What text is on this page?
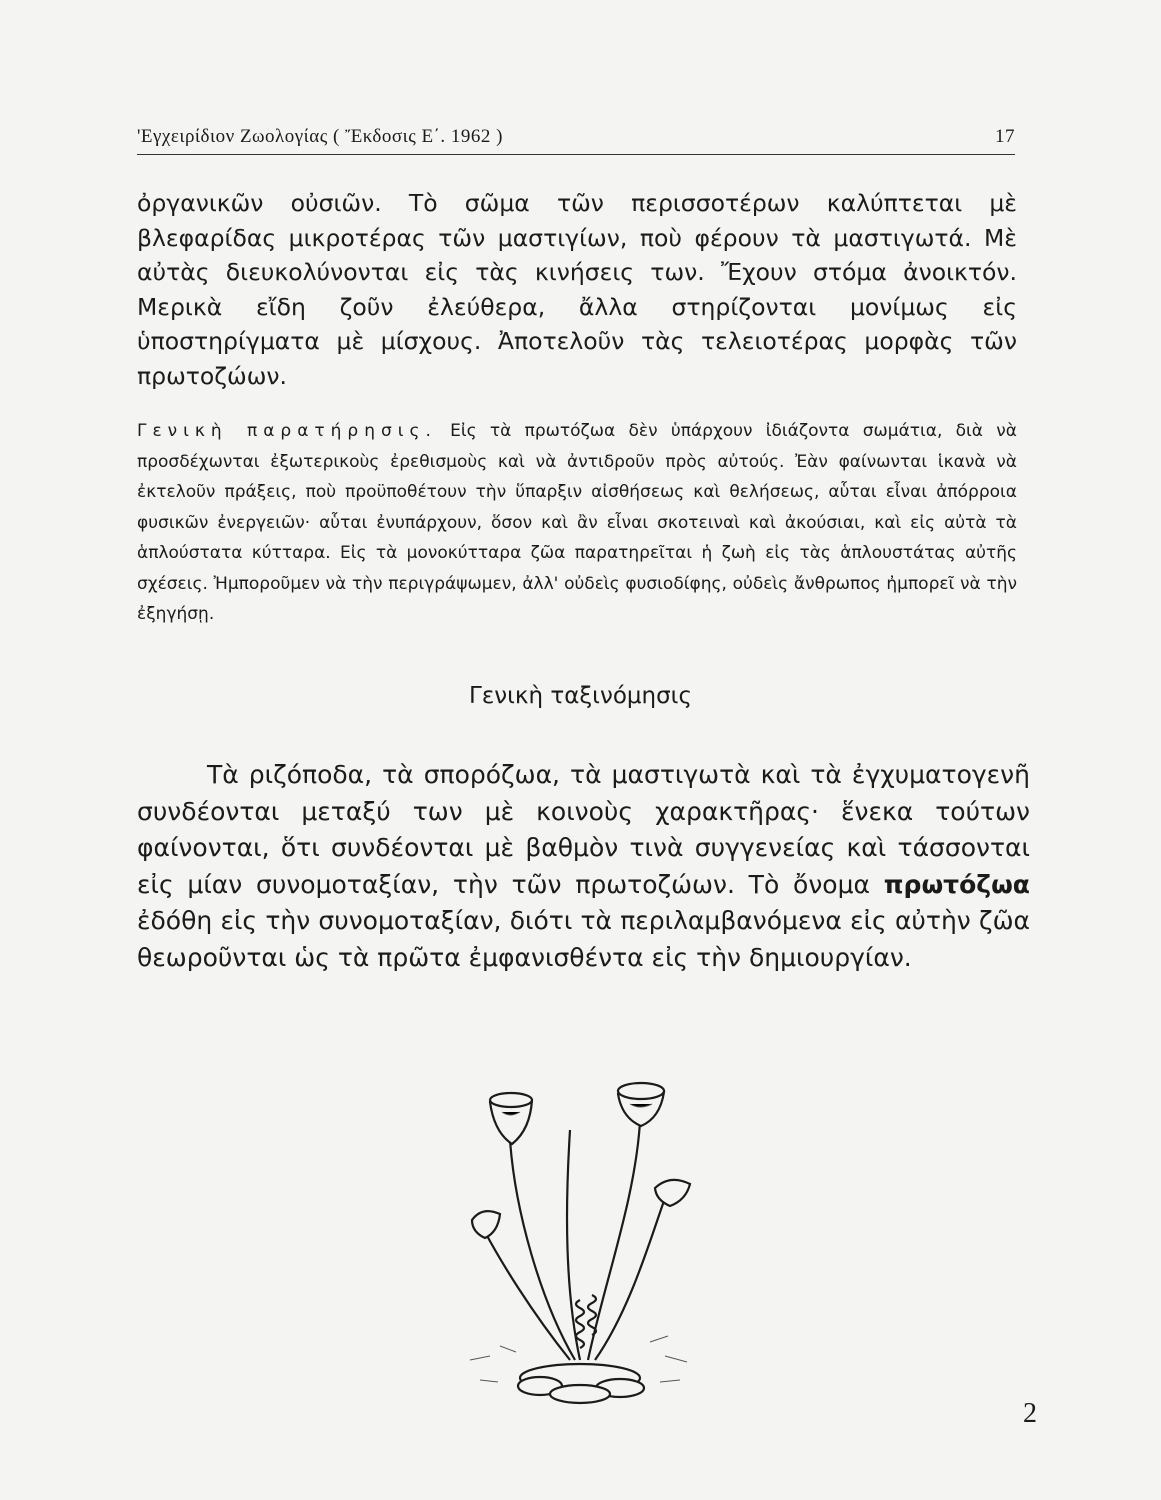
'Εγχειρίδιον Ζωολογίας ( Ἔκδοσις Ε΄. 1962 )	17

ὀργανικῶν οὐσιῶν. Τὸ σῶμα τῶν περισσοτέρων καλύπτεται μὲ βλεφαρίδας μικροτέρας τῶν μαστιγίων, ποὺ φέρουν τὰ μαστιγωτά. Μὲ αὐτὰς διευκολύνονται εἰς τὰς κινήσεις των. Ἔχουν στόμα ἀνοικτόν. Μερικὰ εἴδη ζοῦν ἐλεύθερα, ἄλλα στηρίζονται μονίμως εἰς ὑποστηρίγματα μὲ μίσχους. Ἀποτελοῦν τὰς τελειοτέρας μορφὰς τῶν πρωτοζώων.

Γενικὴ παρατήρησις. Εἰς τὰ πρωτόζωα δὲν ὑπάρχουν ἰδιάζοντα σωμάτια, διὰ νὰ προσδέχωνται ἐξωτερικοὺς ἐρεθισμοὺς καὶ νὰ ἀντιδροῦν πρὸς αὐτούς. Ἐὰν φαίνωνται ἱκανὰ νὰ ἐκτελοῦν πράξεις, ποὺ προϋποθέτουν τὴν ὕπαρξιν αἰσθήσεως καὶ θελήσεως, αὗται εἶναι ἀπόρροια φυσικῶν ἐνεργειῶν· αὗται ἐνυπάρχουν, ὅσον καὶ ἂν εἶναι σκοτειναὶ καὶ ἀκούσιαι, καὶ εἰς αὐτὰ τὰ ἁπλούστατα κύτταρα. Εἰς τὰ μονοκύτταρα ζῶα παρατηρεῖται ἡ ζωὴ εἰς τὰς ἁπλουστάτας αὐτῆς σχέσεις. Ἠμποροῦμεν νὰ τὴν περιγράψωμεν, ἀλλ' οὐδεὶς φυσιοδίφης, οὐδεὶς ἄνθρωπος ἠμπορεῖ νὰ τὴν ἐξηγήσῃ.

Γενικὴ ταξινόμησις

Τὰ ριζόποδα, τὰ σπορόζωα, τὰ μαστιγωτὰ καὶ τὰ ἐγχυματογενῆ συνδέονται μεταξύ των μὲ κοινοὺς χαρακτῆρας· ἕνεκα τούτων φαίνονται, ὅτι συνδέονται μὲ βαθμὸν τινὰ συγγενείας καὶ τάσσονται εἰς μίαν συνομοταξίαν, τὴν τῶν πρωτοζώων. Τὸ ὄνομα πρωτόζωα ἐδόθη εἰς τὴν συνομοταξίαν, διότι τὰ περιλαμβανόμενα εἰς αὐτὴν ζῶα θεωροῦνται ὡς τὰ πρῶτα ἐμφανισθέντα εἰς τὴν δημιουργίαν.

2
